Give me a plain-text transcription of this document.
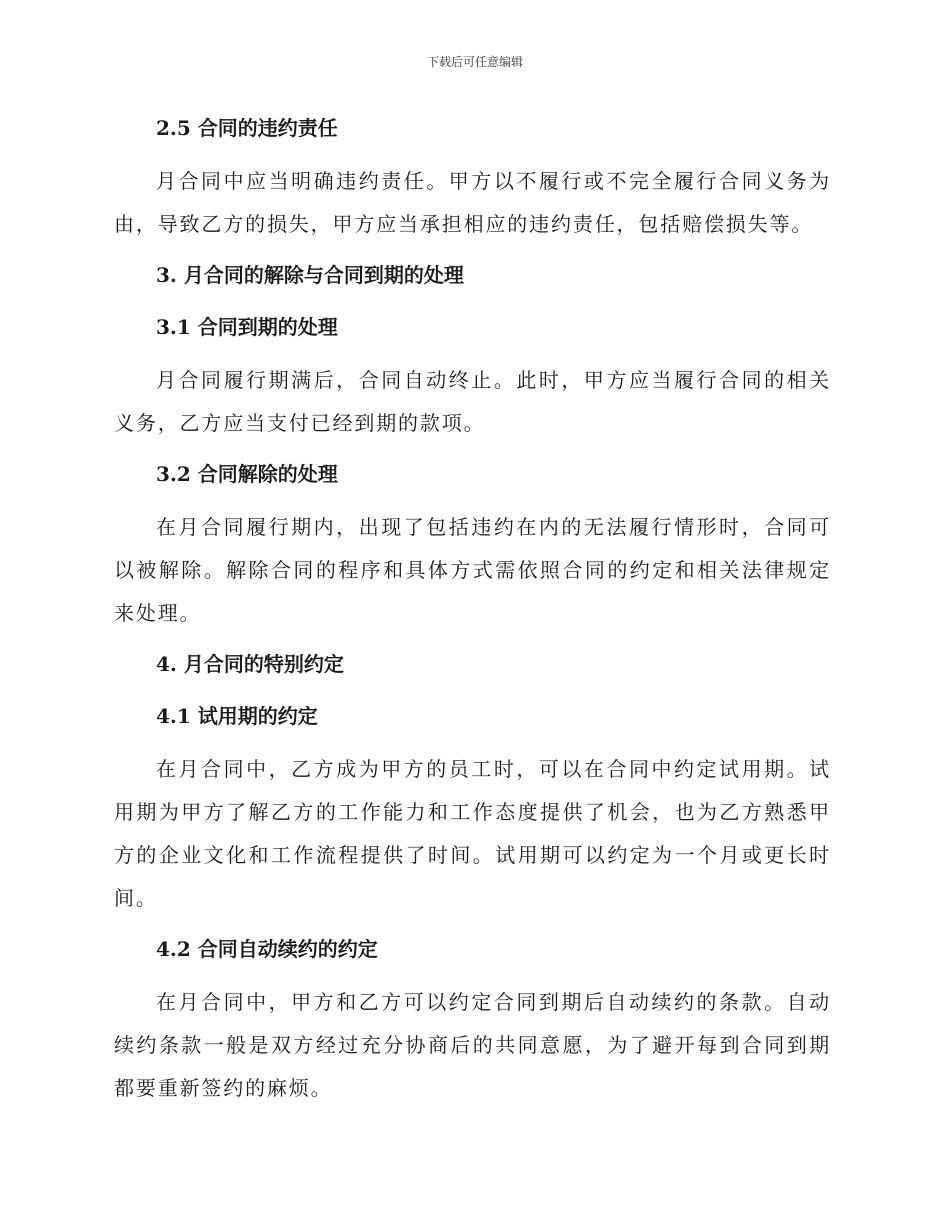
下载后可任意编辑
2.5 合同的违约责任

月合同中应当明确违约责任。甲方以不履行或不完全履行合同义务为由，导致乙方的损失，甲方应当承担相应的违约责任，包括赔偿损失等。

3. 月合同的解除与合同到期的处理
3.1 合同到期的处理

月合同履行期满后，合同自动终止。此时，甲方应当履行合同的相关义务，乙方应当支付已经到期的款项。

3.2 合同解除的处理

在月合同履行期内，出现了包括违约在内的无法履行情形时，合同可以被解除。解除合同的程序和具体方式需依照合同的约定和相关法律规定来处理。

4. 月合同的特别约定
4.1 试用期的约定

在月合同中，乙方成为甲方的员工时，可以在合同中约定试用期。试用期为甲方了解乙方的工作能力和工作态度提供了机会，也为乙方熟悉甲方的企业文化和工作流程提供了时间。试用期可以约定为一个月或更长时间。

4.2 合同自动续约的约定

在月合同中，甲方和乙方可以约定合同到期后自动续约的条款。自动续约条款一般是双方经过充分协商后的共同意愿，为了避开每到合同到期都要重新签约的麻烦。
